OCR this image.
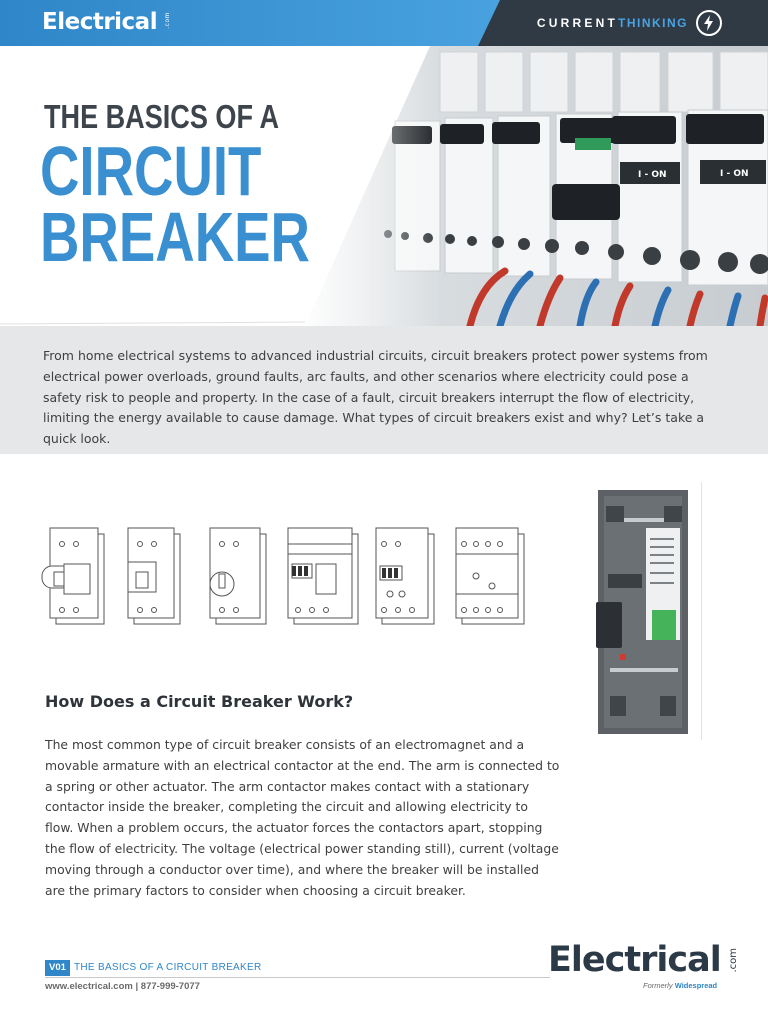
Electrical .com	CURRENTTHINKING
I - ON	I - ON
THE BASICS OF A
CIRCUIT
BREAKER

From home electrical systems to advanced industrial circuits, circuit breakers protect power systems from electrical power overloads, ground faults, arc faults, and other scenarios where electricity could pose a safety risk to people and property. In the case of a fault, circuit breakers interrupt the flow of electricity, limiting the energy available to cause damage. What types of circuit breakers exist and why? Let’s take a quick look.

How Does a Circuit Breaker Work?

The most common type of circuit breaker consists of an electromagnet and a movable armature with an electrical contactor at the end. The arm is connected to a spring or other actuator. The arm contactor makes contact with a stationary contactor inside the breaker, completing the circuit and allowing electricity to flow. When a problem occurs, the actuator forces the contactors apart, stopping the flow of electricity. The voltage (electrical power standing still), current (voltage moving through a conductor over time), and where the breaker will be installed are the primary factors to consider when choosing a circuit breaker.

V01 THE BASICS OF A CIRCUIT BREAKER
www.electrical.com | 877-999-7077
Electrical .com
Formerly Widespread
